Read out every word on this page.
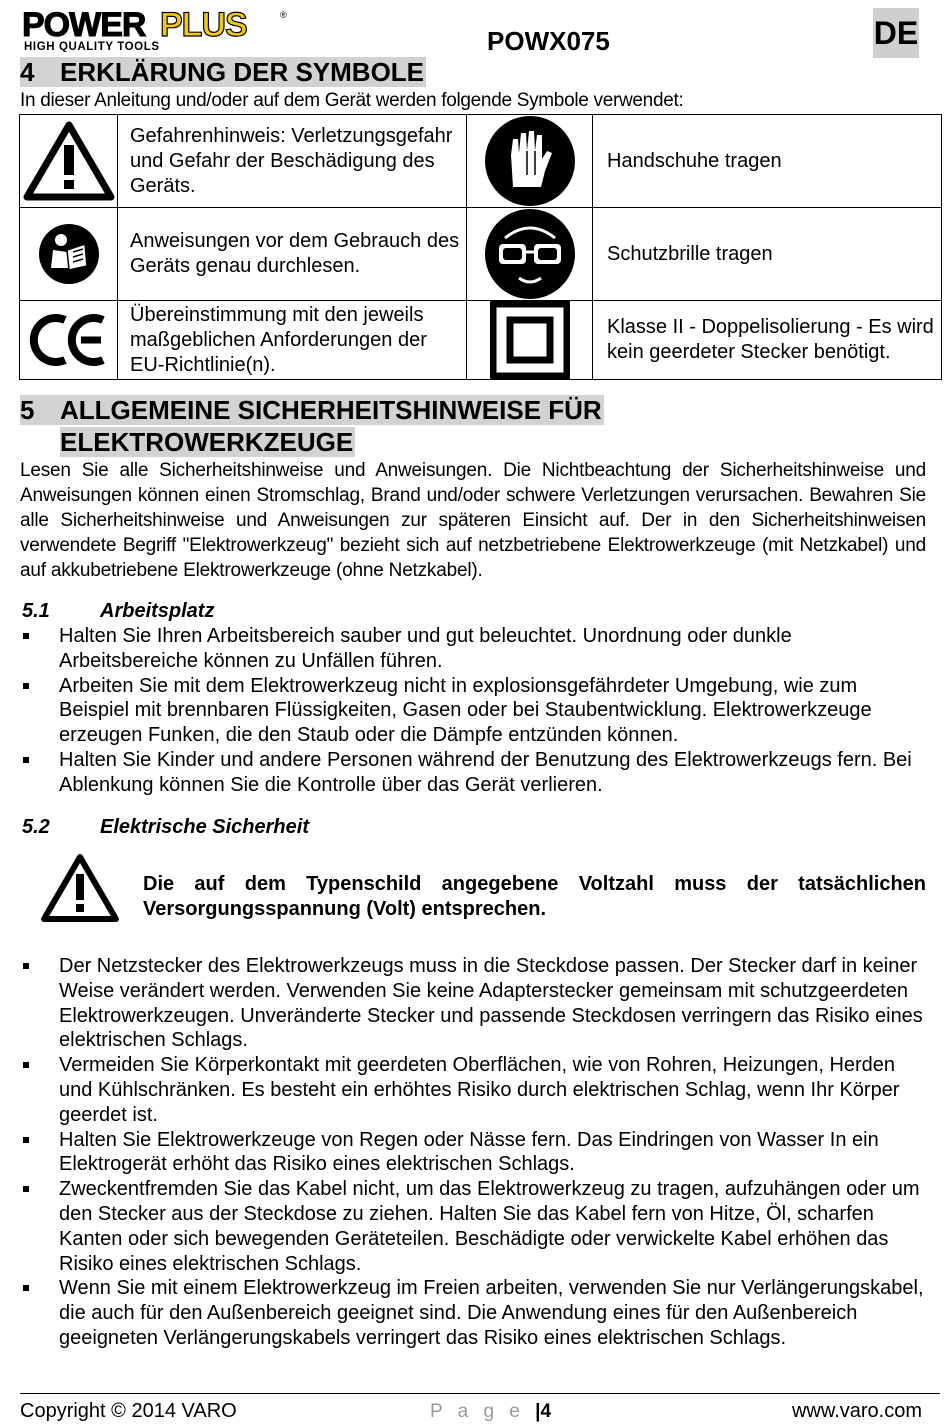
POWER PLUS	®
HIGH QUALITY TOOLS	POWX075	DE
4 ERKLÄRUNG DER SYMBOLE
In dieser Anleitung und/oder auf dem Gerät werden folgende Symbole verwendet:
	Gefahrenhinweis: Verletzungsgefahr und Gefahr der Beschädigung des Geräts.		Handschuhe tragen

	Anweisungen vor dem Gebrauch des Geräts genau durchlesen.		Schutzbrille tragen

	Übereinstimmung mit den jeweils maßgeblichen Anforderungen der EU-Richtlinie(n).		Klasse II - Doppelisolierung - Es wird kein geerdeter Stecker benötigt.
5 ALLGEMEINE SICHERHEITSHINWEISE FÜR
ELEKTROWERKZEUGE
Lesen Sie alle Sicherheitshinweise und Anweisungen. Die Nichtbeachtung der Sicherheitshinweise und Anweisungen können einen Stromschlag, Brand und/oder schwere Verletzungen verursachen. Bewahren Sie alle Sicherheitshinweise und Anweisungen zur späteren Einsicht auf. Der in den Sicherheitshinweisen verwendete Begriff "Elektrowerkzeug" bezieht sich auf netzbetriebene Elektrowerkzeuge (mit Netzkabel) und auf akkubetriebene Elektrowerkzeuge (ohne Netzkabel).
5.1	Arbeitsplatz
Halten Sie Ihren Arbeitsbereich sauber und gut beleuchtet. Unordnung oder dunkle Arbeitsbereiche können zu Unfällen führen.
Arbeiten Sie mit dem Elektrowerkzeug nicht in explosionsgefährdeter Umgebung, wie zum Beispiel mit brennbaren Flüssigkeiten, Gasen oder bei Staubentwicklung. Elektrowerkzeuge erzeugen Funken, die den Staub oder die Dämpfe entzünden können.
Halten Sie Kinder und andere Personen während der Benutzung des Elektrowerkzeugs fern. Bei Ablenkung können Sie die Kontrolle über das Gerät verlieren.
5.2	Elektrische Sicherheit
Die auf dem Typenschild angegebene Voltzahl muss der tatsächlichen Versorgungsspannung (Volt) entsprechen.
Der Netzstecker des Elektrowerkzeugs muss in die Steckdose passen. Der Stecker darf in keiner Weise verändert werden. Verwenden Sie keine Adapterstecker gemeinsam mit schutzgeerdeten Elektrowerkzeugen. Unveränderte Stecker und passende Steckdosen verringern das Risiko eines elektrischen Schlags.
Vermeiden Sie Körperkontakt mit geerdeten Oberflächen, wie von Rohren, Heizungen, Herden und Kühlschränken. Es besteht ein erhöhtes Risiko durch elektrischen Schlag, wenn Ihr Körper geerdet ist.
Halten Sie Elektrowerkzeuge von Regen oder Nässe fern. Das Eindringen von Wasser In ein Elektrogerät erhöht das Risiko eines elektrischen Schlags.
Zweckentfremden Sie das Kabel nicht, um das Elektrowerkzeug zu tragen, aufzuhängen oder um den Stecker aus der Steckdose zu ziehen. Halten Sie das Kabel fern von Hitze, Öl, scharfen Kanten oder sich bewegenden Geräteteilen. Beschädigte oder verwickelte Kabel erhöhen das Risiko eines elektrischen Schlags.
Wenn Sie mit einem Elektrowerkzeug im Freien arbeiten, verwenden Sie nur Verlängerungskabel, die auch für den Außenbereich geeignet sind. Die Anwendung eines für den Außenbereich geeigneten Verlängerungskabels verringert das Risiko eines elektrischen Schlags.
Copyright © 2014 VARO	P a g e |4	www.varo.com
